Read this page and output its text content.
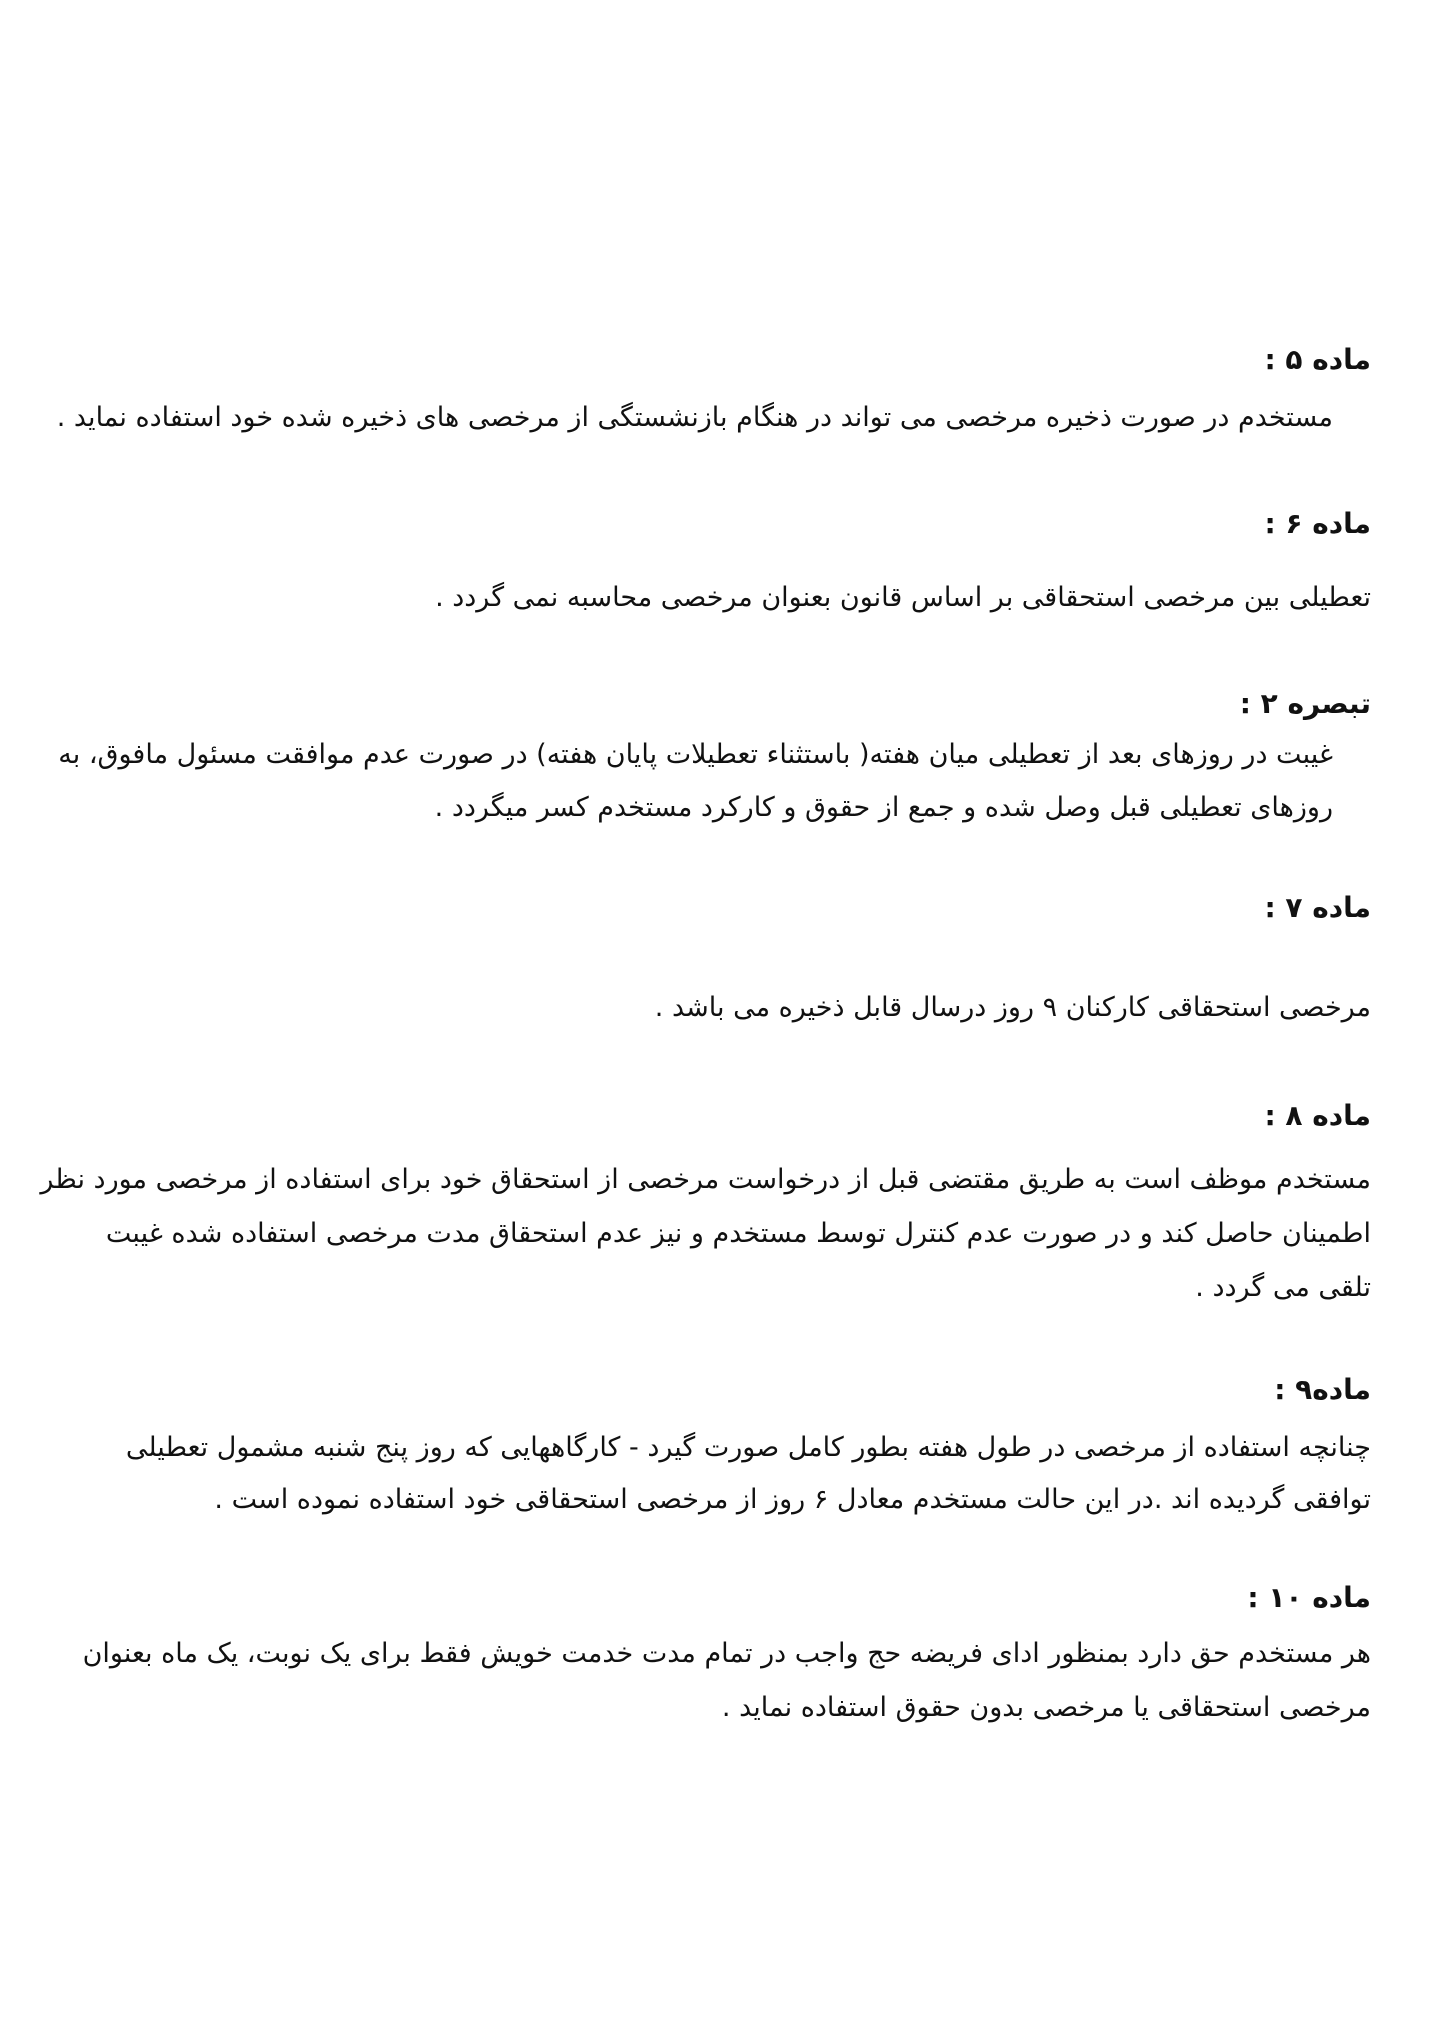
ماده ۵ :
مستخدم در صورت ذخیره مرخصی می تواند در هنگام بازنشستگی از مرخصی های ذخیره شده خود استفاده نماید .
ماده ۶ :
تعطیلی بین مرخصی استحقاقی بر اساس قانون بعنوان مرخصی محاسبه نمی گردد .
تبصره ۲ :
غیبت در روزهای بعد از تعطیلی میان هفته( باستثناء تعطیلات پایان هفته) در صورت عدم موافقت مسئول مافوق، به
روزهای تعطیلی قبل وصل شده و جمع از حقوق و کارکرد مستخدم کسر میگردد .
ماده ۷ :
مرخصی استحقاقی کارکنان ۹ روز درسال قابل ذخیره می باشد .
ماده ۸ :
مستخدم موظف است به طریق مقتضی قبل از درخواست مرخصی از استحقاق خود برای استفاده از مرخصی مورد نظر
اطمینان حاصل کند و در صورت عدم کنترل توسط مستخدم و نیز عدم استحقاق مدت مرخصی استفاده شده غیبت
تلقی می گردد .
ماده۹ :
چنانچه استفاده از مرخصی در طول هفته بطور کامل صورت گیرد - کارگاههایی که روز پنج شنبه مشمول تعطیلی
توافقی گردیده اند .در این حالت مستخدم معادل ۶ روز از مرخصی استحقاقی خود استفاده نموده است .
ماده ۱۰ :
هر مستخدم حق دارد بمنظور ادای فریضه حج واجب در تمام مدت خدمت خویش فقط برای یک نوبت، یک ماه بعنوان
مرخصی استحقاقی یا مرخصی بدون حقوق استفاده نماید .
